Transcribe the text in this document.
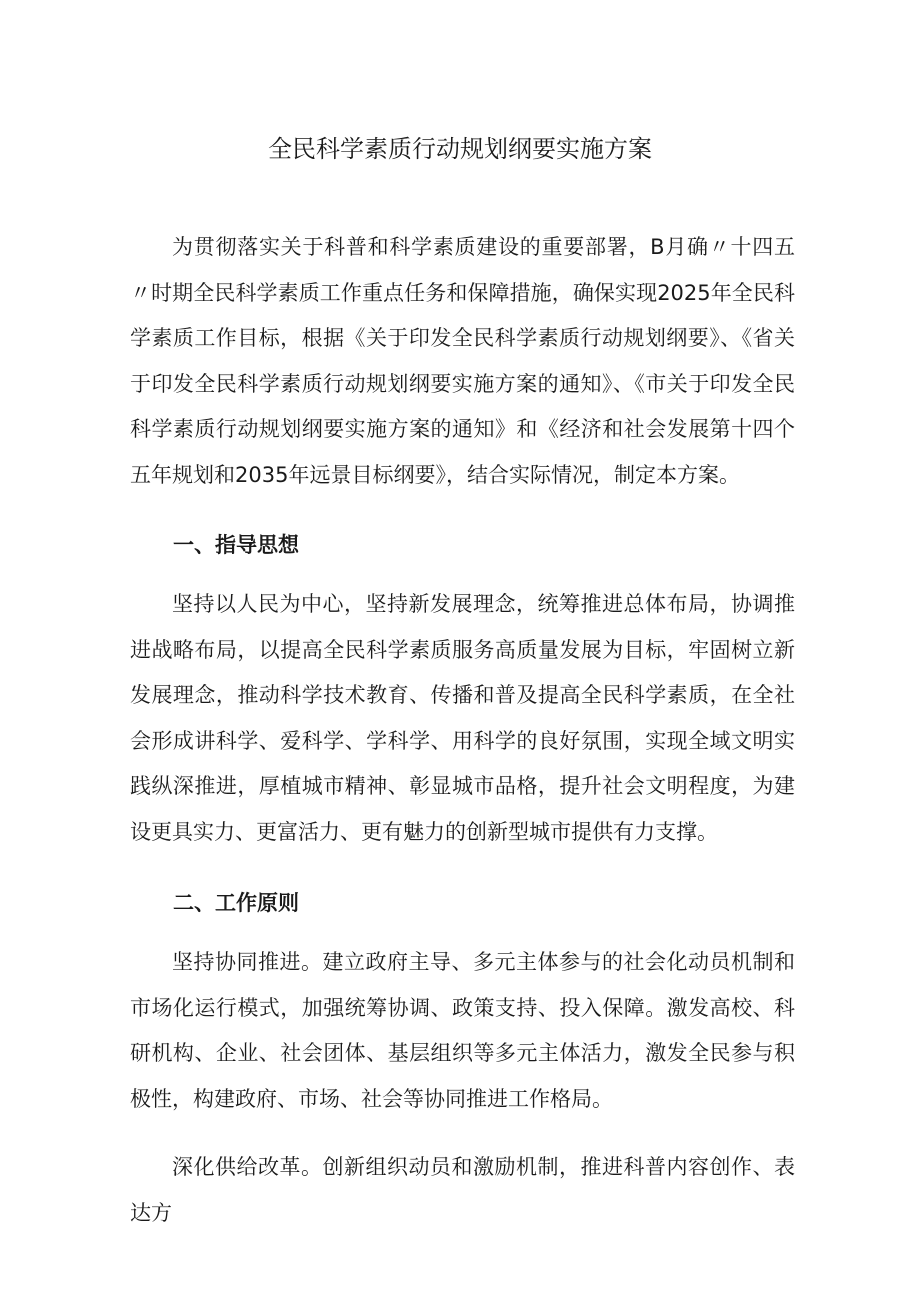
全民科学素质行动规划纲要实施方案

为贯彻落实关于科普和科学素质建设的重要部署，B月确〃十四五〃时期全民科学素质工作重点任务和保障措施，确保实现2025年全民科学素质工作目标，根据《关于印发全民科学素质行动规划纲要》、《省关于印发全民科学素质行动规划纲要实施方案的通知》、《市关于印发全民科学素质行动规划纲要实施方案的通知》和《经济和社会发展第十四个五年规划和2035年远景目标纲要》，结合实际情况，制定本方案。

一、指导思想

坚持以人民为中心，坚持新发展理念，统筹推进总体布局，协调推进战略布局，以提高全民科学素质服务高质量发展为目标，牢固树立新发展理念，推动科学技术教育、传播和普及提高全民科学素质，在全社会形成讲科学、爱科学、学科学、用科学的良好氛围，实现全域文明实践纵深推进，厚植城市精神、彰显城市品格，提升社会文明程度，为建设更具实力、更富活力、更有魅力的创新型城市提供有力支撑。

二、工作原则

坚持协同推进。建立政府主导、多元主体参与的社会化动员机制和市场化运行模式，加强统筹协调、政策支持、投入保障。激发高校、科研机构、企业、社会团体、基层组织等多元主体活力，激发全民参与积极性，构建政府、市场、社会等协同推进工作格局。

深化供给改革。创新组织动员和激励机制，推进科普内容创作、表达方
